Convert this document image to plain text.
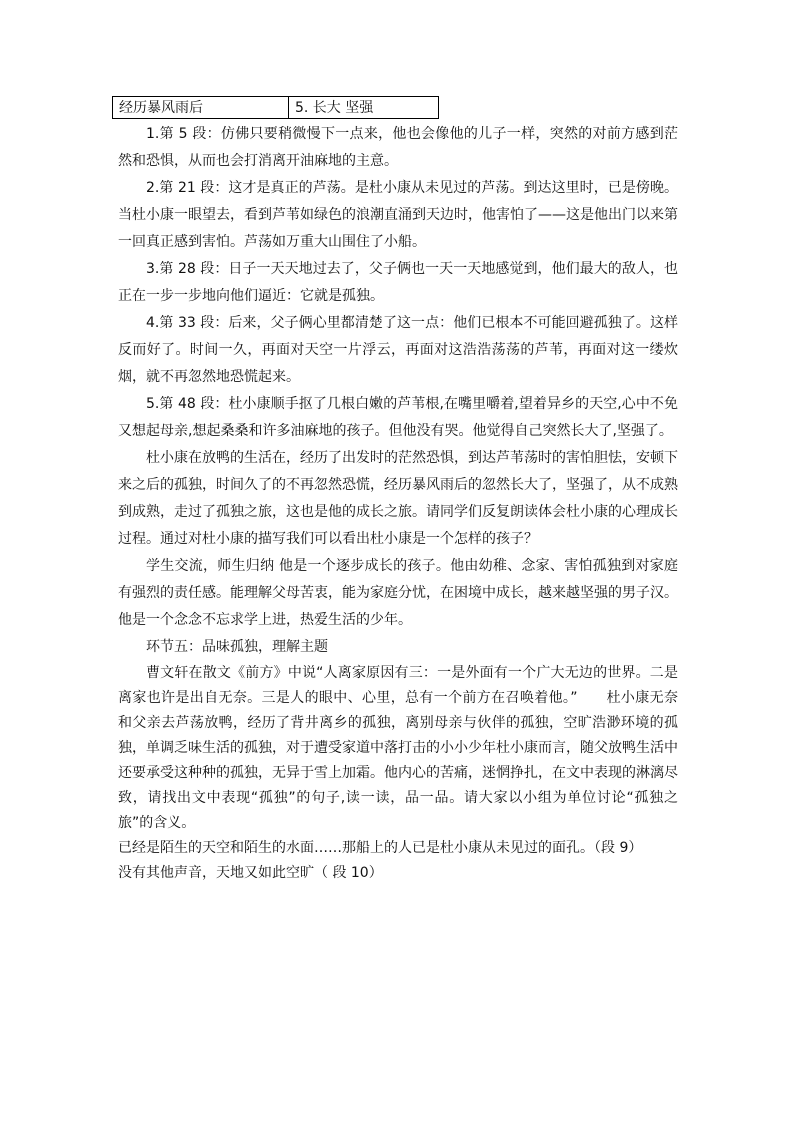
经历暴风雨后	5. 长大 坚强

1.第 5 段：仿佛只要稍微慢下一点来，他也会像他的儿子一样，突然的对前方感到茫然和恐惧，从而也会打消离开油麻地的主意。

2.第 21 段：这才是真正的芦荡。是杜小康从未见过的芦荡。到达这里时，已是傍晚。当杜小康一眼望去，看到芦苇如绿色的浪潮直涌到天边时，他害怕了——这是他出门以来第一回真正感到害怕。芦荡如万重大山围住了小船。

3.第 28 段：日子一天天地过去了，父子俩也一天一天地感觉到，他们最大的敌人，也正在一步一步地向他们逼近：它就是孤独。

4.第 33 段：后来，父子俩心里都清楚了这一点：他们已根本不可能回避孤独了。这样反而好了。时间一久，再面对天空一片浮云，再面对这浩浩荡荡的芦苇，再面对这一缕炊烟，就不再忽然地恐慌起来。

5.第 48 段：杜小康顺手抠了几根白嫩的芦苇根,在嘴里嚼着,望着异乡的天空,心中不免又想起母亲,想起桑桑和许多油麻地的孩子。但他没有哭。他觉得自己突然长大了,坚强了。

杜小康在放鸭的生活在，经历了出发时的茫然恐惧，到达芦苇荡时的害怕胆怯，安顿下来之后的孤独，时间久了的不再忽然恐慌，经历暴风雨后的忽然长大了，坚强了，从不成熟到成熟，走过了孤独之旅，这也是他的成长之旅。请同学们反复朗读体会杜小康的心理成长过程。通过对杜小康的描写我们可以看出杜小康是一个怎样的孩子？

学生交流，师生归纳 他是一个逐步成长的孩子。他由幼稚、念家、害怕孤独到对家庭有强烈的责任感。能理解父母苦衷，能为家庭分忧，在困境中成长，越来越坚强的男子汉。他是一个念念不忘求学上进，热爱生活的少年。

环节五：品味孤独，理解主题

曹文轩在散文《前方》中说“人离家原因有三：一是外面有一个广大无边的世界。二是离家也许是出自无奈。三是人的眼中、心里，总有一个前方在召唤着他。”　　杜小康无奈和父亲去芦荡放鸭，经历了背井离乡的孤独，离别母亲与伙伴的孤独，空旷浩渺环境的孤独，单调乏味生活的孤独，对于遭受家道中落打击的小小少年杜小康而言，随父放鸭生活中还要承受这种种的孤独，无异于雪上加霜。他内心的苦痛，迷惘挣扎，在文中表现的淋漓尽致，请找出文中表现“孤独”的句子,读一读，品一品。请大家以小组为单位讨论“孤独之旅”的含义。

已经是陌生的天空和陌生的水面……那船上的人已是杜小康从未见过的面孔。（段 9）

没有其他声音，天地又如此空旷（ 段 10）
